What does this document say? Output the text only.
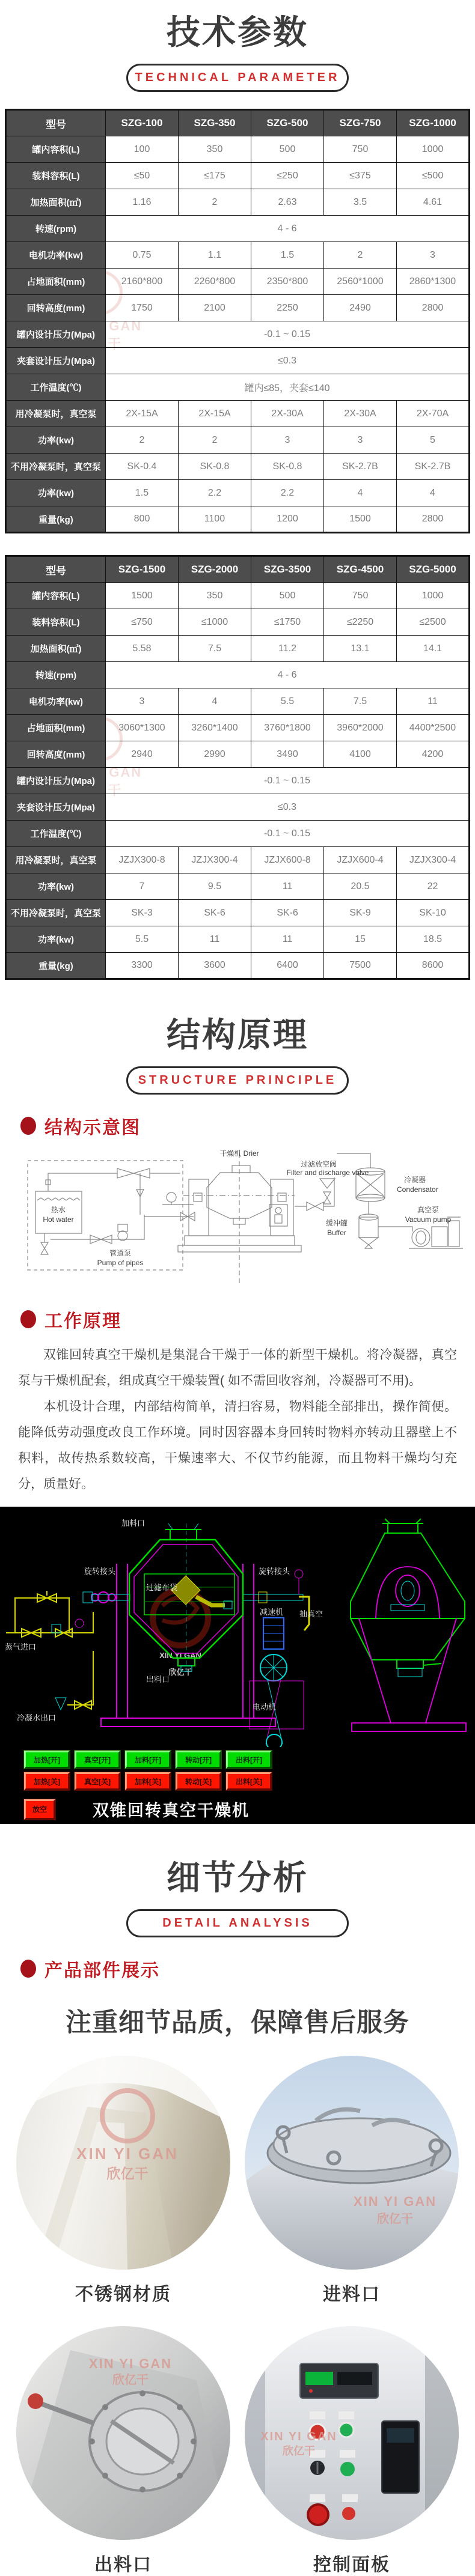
技术参数
TECHNICAL PARAMETER
GAN
型号	SZG-100	SZG-350	SZG-500	SZG-750	SZG-1000
罐内容积(L)	100	350	500	750	1000
装料容积(L)	≤50	≤175	≤250	≤375	≤500
加热面积(㎡)	1.16	2	2.63	3.5	4.61
转速(rpm)	4 - 6				
电机功率(kw)	0.75	1.1	1.5	2	3
占地面积(mm)	2160*800	2260*800	2350*800	2560*1000	2860*1300
回转高度(mm)	1750	2100	2250	2490	2800
罐内设计压力(Mpa)	-0.1 ~ 0.15				
夹套设计压力(Mpa)	≤0.3				
工作温度(℃)	罐内≤85，夹套≤140				
用冷凝泵时，真空泵	2X-15A	2X-15A	2X-30A	2X-30A	2X-70A
功率(kw)	2	2	3	3	5
不用冷凝泵时，真空泵	SK-0.4	SK-0.8	SK-0.8	SK-2.7B	SK-2.7B
功率(kw)	1.5	2.2	2.2	4	4
重量(kg)	800	1100	1200	1500	2800
GAN
型号	SZG-1500	SZG-2000	SZG-3500	SZG-4500	SZG-5000
罐内容积(L)	1500	350	500	750	1000
装料容积(L)	≤750	≤1000	≤1750	≤2250	≤2500
加热面积(㎡)	5.58	7.5	11.2	13.1	14.1
转速(rpm)	4 - 6				
电机功率(kw)	3	4	5.5	7.5	11
占地面积(mm)	3060*1300	3260*1400	3760*1800	3960*2000	4400*2500
回转高度(mm)	2940	2990	3490	4100	4200
罐内设计压力(Mpa)	-0.1 ~ 0.15				
夹套设计压力(Mpa)	≤0.3				
工作温度(℃)	-0.1 ~ 0.15				
用冷凝泵时，真空泵	JZJX300-8	JZJX300-4	JZJX600-8	JZJX600-4	JZJX300-4
功率(kw)	7	9.5	11	20.5	22
不用冷凝泵时，真空泵	SK-3	SK-6	SK-6	SK-9	SK-10
功率(kw)	5.5	11	11	15	18.5
重量(kg)	3300	3600	6400	7500	8600
结构原理
STRUCTURE PRINCIPLE
结构示意图
干燥机 Drier
热水
Hot water
管道泵
Pump of pipes
过滤放空阀
Filter and discharge valve
冷凝器
Condensator
缓冲罐
Buffer
真空泵
Vacuum pump
工作原理

双锥回转真空干燥机是集混合干燥于一体的新型干燥机。将冷凝器，真空泵与干燥机配套，组成真空干燥装置( 如不需回收容剂，冷凝器可不用)。

本机设计合理，内部结构简单，清扫容易，物料能全部排出，操作简便。能降低劳动强度改良工作环境。同时因容器本身回转时物料亦转动且器壁上不积料，故传热系数较高，干燥速率大、不仅节约能源，而且物料干燥均匀充分，质量好。

XIN YI GAN
欣亿干
加料口
旋转接头	旋转接头
过滤布袋
蒸气进口
减速机 抽真空
出料口
冷凝水出口
电动机
加热[开]	真空[开]	加料[开]	转动[开]	出料[开]
加热[关]	真空[关]	加料[关]	转动[关]	出料[关]
放空	双锥回转真空干燥机
细节分析
DETAIL ANALYSIS
产品部件展示
注重细节品质，保障售后服务
XIN YI GAN
欣亿干
不锈钢材质
XIN YI GAN
欣亿干
进料口
XIN YI GAN
欣亿干
出料口
XIN YI GAN
欣亿干
控制面板
